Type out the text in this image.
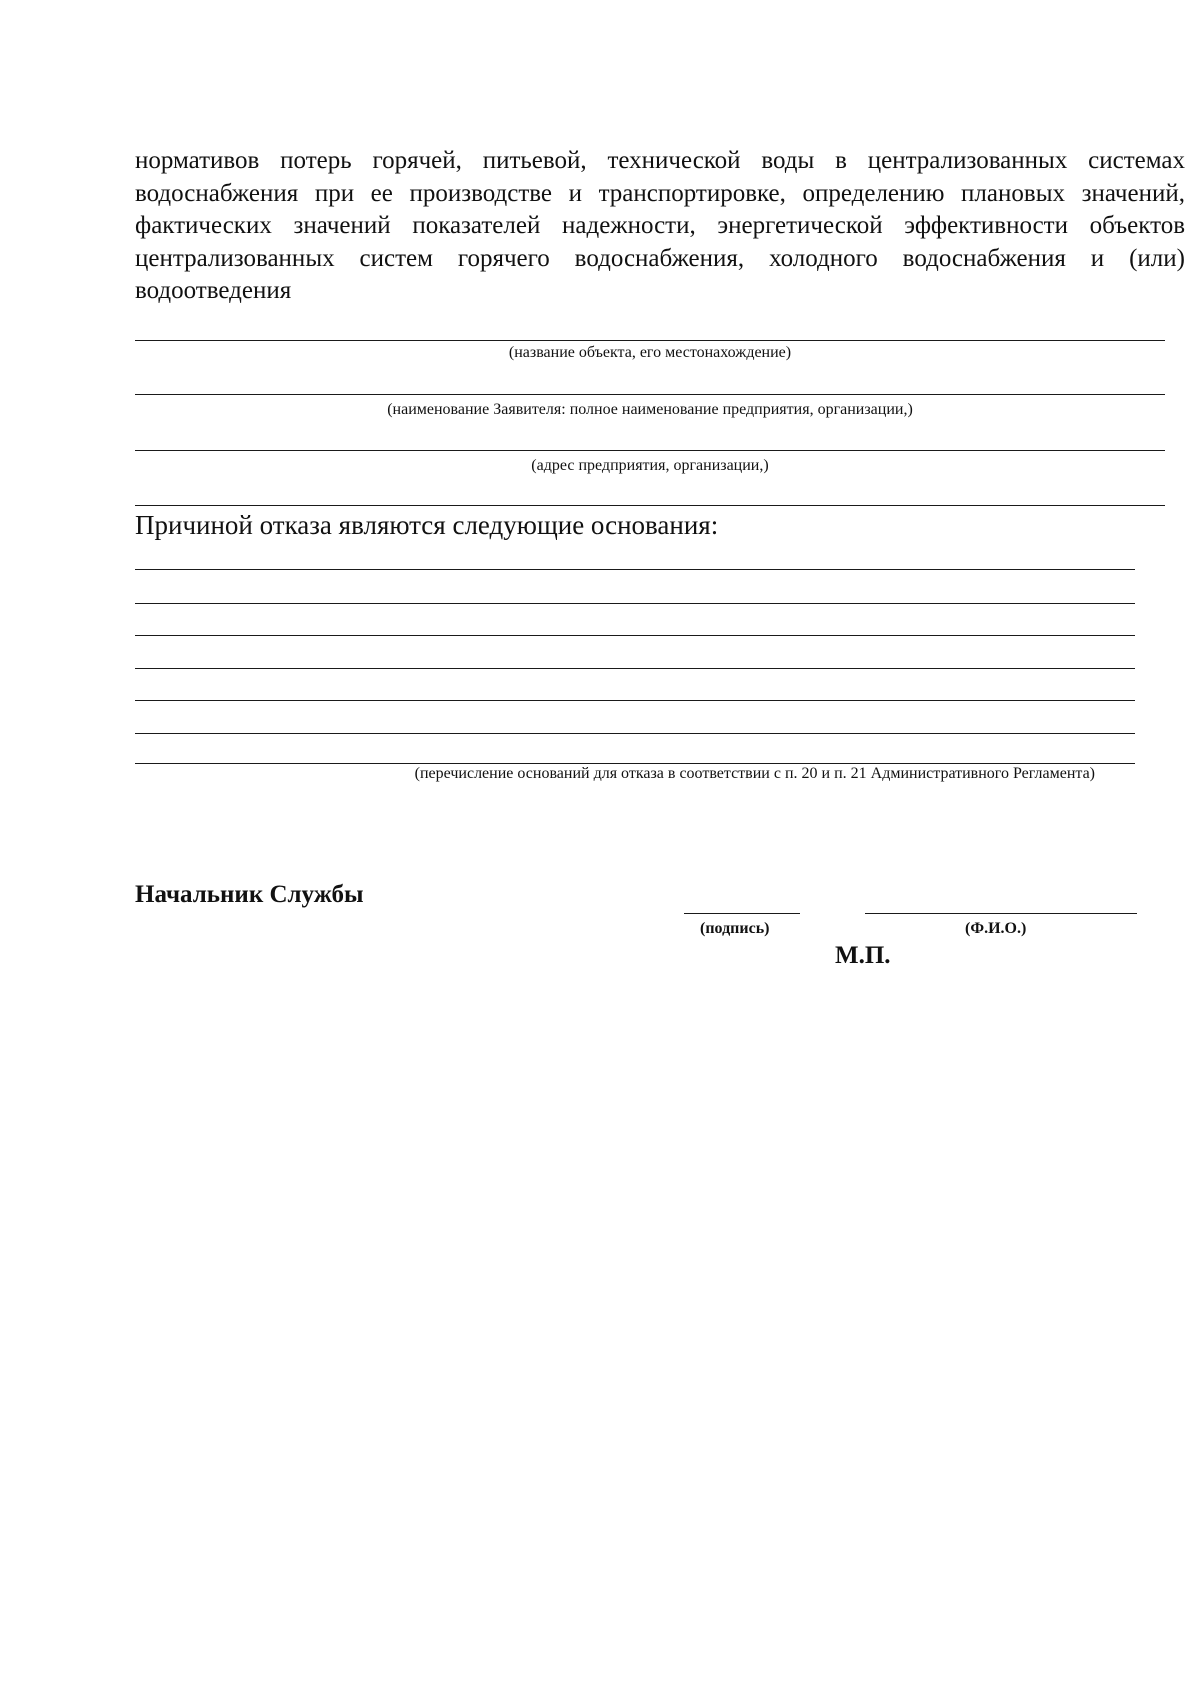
нормативов потерь горячей, питьевой, технической воды в централизованных системах водоснабжения при ее производстве и транспортировке, определению плановых значений, фактических значений показателей надежности, энергетической эффективности объектов централизованных систем горячего водоснабжения, холодного водоснабжения и (или) водоотведения

(название объекта, его местонахождение)

(наименование Заявителя: полное наименование предприятия, организации,)

(адрес предприятия, организации,)

Причиной отказа являются следующие основания:

(перечисление оснований для отказа в соответствии с п. 20 и п. 21 Административного Регламента)

Начальник Службы

(подпись)	(Ф.И.О.)

М.П.
